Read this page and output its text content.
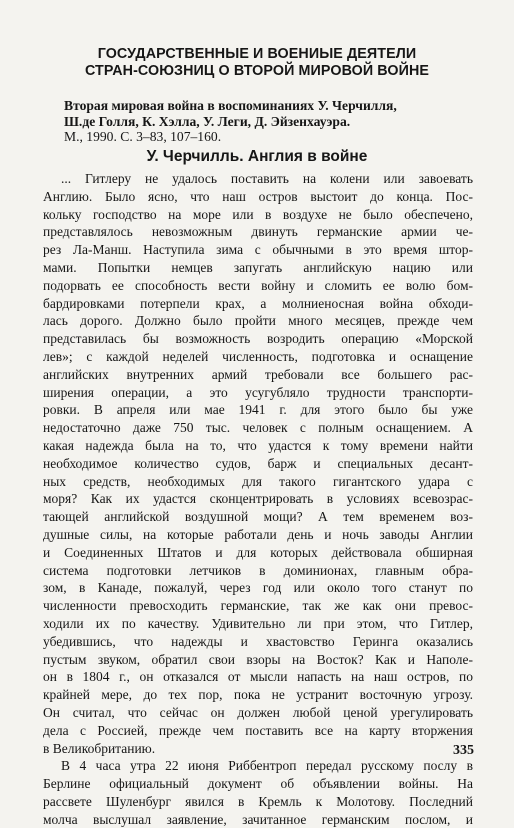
ГОСУДАРСТВЕННЫЕ И ВОЕНИЫЕ ДЕЯТЕЛИ
СТРАН-СОЮЗНИЦ О ВТОРОЙ МИРОВОЙ ВОЙНЕ
Вторая мировая война в воспоминаниях У. Черчилля,
Ш.де Голля, К. Хэлла, У. Леги, Д. Эйзенхауэра.
М., 1990. С. 3–83, 107–160.
У. Черчилль. Англия в войне
... Гитлеру не удалось поставить на колени или завоевать
Англию. Было ясно, что наш остров выстоит до конца. Пос-
кольку господство на море или в воздухе не было обеспечено,
представлялось невозможным двинуть германские армии че-
рез Ла-Манш. Наступила зима с обычными в это время штор-
мами. Попытки немцев запугать английскую нацию или
подорвать ее способность вести войну и сломить ее волю бом-
бардировками потерпели крах, а молниеносная война обходи-
лась дорого. Должно было пройти много месяцев, прежде чем
представилась бы возможность возродить операцию «Морской
лев»; с каждой неделей численность, подготовка и оснащение
английских внутренних армий требовали все большего рас-
ширения операции, а это усугубляло трудности транспорти-
ровки. В апреля или мае 1941 г. для этого было бы уже
недостаточно даже 750 тыс. человек с полным оснащением. А
какая надежда была на то, что удастся к тому времени найти
необходимое количество судов, барж и специальных десант-
ных средств, необходимых для такого гигантского удара с
моря? Как их удастся сконцентрировать в условиях всевозрас-
тающей английской воздушной мощи? А тем временем воз-
душные силы, на которые работали день и ночь заводы Англии
и Соединенных Штатов и для которых действовала обширная
система подготовки летчиков в доминионах, главным обра-
зом, в Канаде, пожалуй, через год или около того станут по
численности превосходить германские, так же как они превос-
ходили их по качеству. Удивительно ли при этом, что Гитлер,
убедившись, что надежды и хвастовство Геринга оказались
пустым звуком, обратил свои взоры на Восток? Как и Наполе-
он в 1804 г., он отказался от мысли напасть на наш остров, по
крайней мере, до тех пор, пока не устранит восточную угрозу.
Он считал, что сейчас он должен любой ценой урегулировать
дела с Россией, прежде чем поставить все на карту вторжения
в Великобританию.
В 4 часа утра 22 июня Риббентроп передал русскому послу в
Берлине официальный документ об объявлении войны. На
рассвете Шуленбург явился в Кремль к Молотову. Последний
молча выслушал заявление, зачитанное германским послом, и
335
